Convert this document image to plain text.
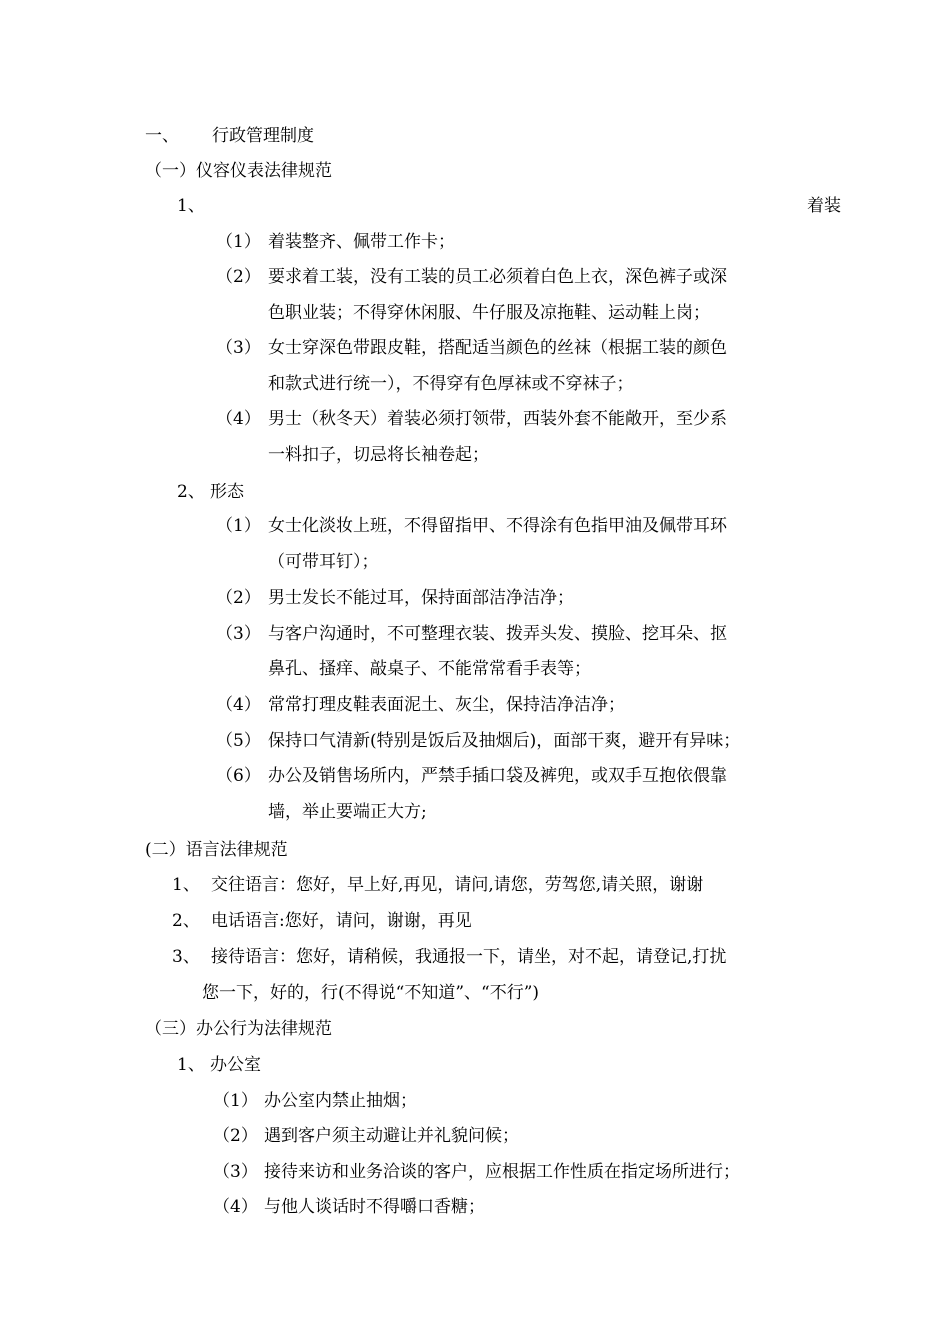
一、 行政管理制度
（一）仪容仪表法律规范
1、	着装
（1） 着装整齐、佩带工作卡；
（2） 要求着工装，没有工装的员工必须着白色上衣，深色裤子或深
色职业装；不得穿休闲服、牛仔服及凉拖鞋、运动鞋上岗；
（3） 女士穿深色带跟皮鞋，搭配适当颜色的丝袜（根据工装的颜色
和款式进行统一），不得穿有色厚袜或不穿袜子；
（4） 男士（秋冬天）着装必须打领带，西装外套不能敞开，至少系
一料扣子，切忌将长袖卷起；
2、 形态
（1） 女士化淡妆上班，不得留指甲、不得涂有色指甲油及佩带耳环
（可带耳钉）；
（2） 男士发长不能过耳，保持面部洁净洁净；
（3） 与客户沟通时，不可整理衣装、拨弄头发、摸脸、挖耳朵、抠
鼻孔、搔痒、敲桌子、不能常常看手表等；
（4） 常常打理皮鞋表面泥土、灰尘，保持洁净洁净；
（5） 保持口气清新(特别是饭后及抽烟后)，面部干爽，避开有异味；
（6） 办公及销售场所内，严禁手插口袋及裤兜，或双手互抱依偎靠
墙，举止要端正大方;
(二）语言法律规范
1、 交往语言：您好，早上好,再见，请问,请您，劳驾您,请关照，谢谢
2、 电话语言:您好，请问，谢谢，再见
3、 接待语言：您好，请稍候，我通报一下，请坐，对不起，请登记,打扰
您一下，好的，行(不得说“不知道”、“不行”)
（三）办公行为法律规范
1、 办公室
（1） 办公室内禁止抽烟；
（2） 遇到客户须主动避让并礼貌问候；
（3） 接待来访和业务洽谈的客户，应根据工作性质在指定场所进行；
（4） 与他人谈话时不得嚼口香糖；
